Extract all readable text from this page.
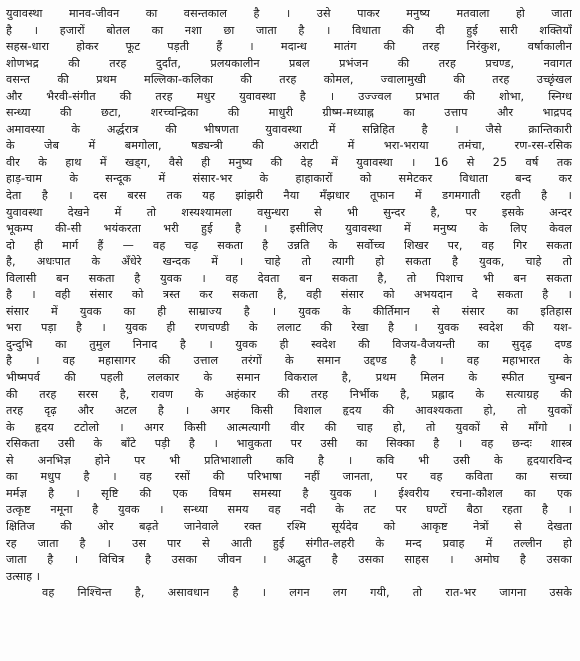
युवावस्था मानव-जीवन का वसन्तकाल है । उसे पाकर मनुष्य मतवाला हो जाता
है । हजारों बोतल का नशा छा जाता है । विधाता की दी हुई सारी शक्तियाँ
सहस्र-धारा होकर फूट पड़ती हैं । मदान्ध मातंग की तरह निरंकुश, वर्षाकालीन
शोणभद्र की तरह दुर्दांत, प्रलयकालीन प्रबल प्रभंजन की तरह प्रचण्ड, नवागत
वसन्त की प्रथम मल्लिका-कलिका की तरह कोमल, ज्वालामुखी की तरह उच्छृंखल
और भैरवी-संगीत की तरह मधुर युवावस्था है । उज्ज्वल प्रभात की शोभा, स्निग्ध
सन्ध्या की छटा, शरच्चन्द्रिका की माधुरी ग्रीष्म-मध्याह्न का उत्ताप और भाद्रपद
अमावस्या के अर्द्धरात्र की भीषणता युवावस्था में सन्निहित है । जैसे क्रान्तिकारी
के जेब में बमगोला, षड्यन्त्री की अराटी में भरा-भराया तमंचा, रण-रस-रसिक
वीर के हाथ में खड्ग, वैसे ही मनुष्य की देह में युवावस्था । 16 से 25 वर्ष तक
हाड़-चाम के सन्दूक में संसार-भर के हाहाकारों को समेटकर विधाता बन्द कर
देता है । दस बरस तक यह झांझरी नैया मँझधार तूफान में डगमगाती रहती है ।
युवावस्था देखने में तो शस्यश्यामला वसुन्धरा से भी सुन्दर है, पर इसके अन्दर
भूकम्प की-सी भयंकरता भरी हुई है । इसीलिए युवावस्था में मनुष्य के लिए केवल
दो ही मार्ग हैं — वह चढ़ सकता है उन्नति के सर्वोच्च शिखर पर, वह गिर सकता
है, अधःपात के अँधेरे खन्दक में । चाहे तो त्यागी हो सकता है युवक, चाहे तो
विलासी बन सकता है युवक । वह देवता बन सकता है, तो पिशाच भी बन सकता
है । वही संसार को त्रस्त कर सकता है, वही संसार को अभयदान दे सकता है ।
संसार में युवक का ही साम्राज्य है । युवक के कीर्तिमान से संसार का इतिहास
भरा पड़ा है । युवक ही रणचण्डी के ललाट की रेखा है । युवक स्वदेश की यश-
दुन्दुभि का तुमुल निनाद है । युवक ही स्वदेश की विजय-वैजयन्ती का सुदृढ़ दण्ड
है । वह महासागर की उत्ताल तरंगों के समान उद्दण्ड है । वह महाभारत के
भीष्मपर्व की पहली ललकार के समान विकराल है, प्रथम मिलन के स्फीत चुम्बन
की तरह सरस है, रावण के अहंकार की तरह निर्भीक है, प्रह्लाद के सत्याग्रह की
तरह दृढ़ और अटल है । अगर किसी विशाल हृदय की आवश्यकता हो, तो युवकों
के हृदय टटोलो । अगर किसी आत्मत्यागी वीर की चाह हो, तो युवकों से माँगो ।
रसिकता उसी के बाँटे पड़ी है । भावुकता पर उसी का सिक्का है । वह छन्दः शास्त्र
से अनभिज्ञ होने पर भी प्रतिभाशाली कवि है । कवि भी उसी के हृदयारविन्द
का मधुप है । वह रसों की परिभाषा नहीं जानता, पर वह कविता का सच्चा
मर्मज्ञ है । सृष्टि की एक विषम समस्या है युवक । ईश्वरीय रचना-कौशल का एक
उत्कृष्ट नमूना है युवक । सन्ध्या समय वह नदी के तट पर घण्टों बैठा रहता है ।
क्षितिज की ओर बढ़ते जानेवाले रक्त रश्मि सूर्यदेव को आकृष्ट नेत्रों से देखता
रह जाता है । उस पार से आती हुई संगीत-लहरी के मन्द प्रवाह में तल्लीन हो
जाता है । विचित्र है उसका जीवन । अद्भुत है उसका साहस । अमोघ है उसका
उत्साह ।
वह निश्चिन्त है, असावधान है । लगन लग गयी, तो रात-भर जागना उसके
